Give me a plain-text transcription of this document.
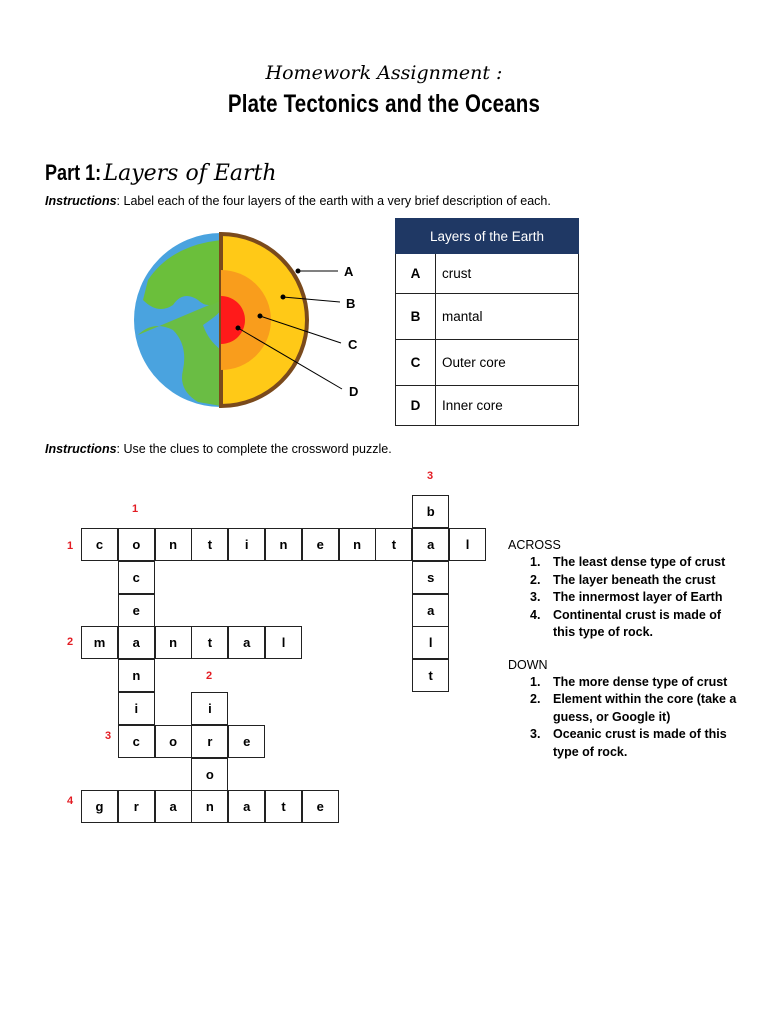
Homework Assignment :
Plate Tectonics and the Oceans
Part 1: Layers of Earth
Instructions: Label each of the four layers of the earth with a very brief description of each.
A
B
C
D
Layers of the Earth	
A	crust
B	mantal
C	Outer core
D	Inner core
Instructions: Use the clues to complete the crossword puzzle.
c	o	n	t	i	n	e	n	t	a	l
m	a	n	t	a	l
c	o	r	e
g	r	a	n	a	t	e
c
e
n
i	i
o
b
s
a
l
t
1
2
3
4
1
2
3
ACROSS
1. The least dense type of crust
2. The layer beneath the crust
3. The innermost layer of Earth
4. Continental crust is made of this type of rock.
DOWN
1. The more dense type of crust
2. Element within the core (take a guess, or Google it)
3. Oceanic crust is made of this type of rock.
